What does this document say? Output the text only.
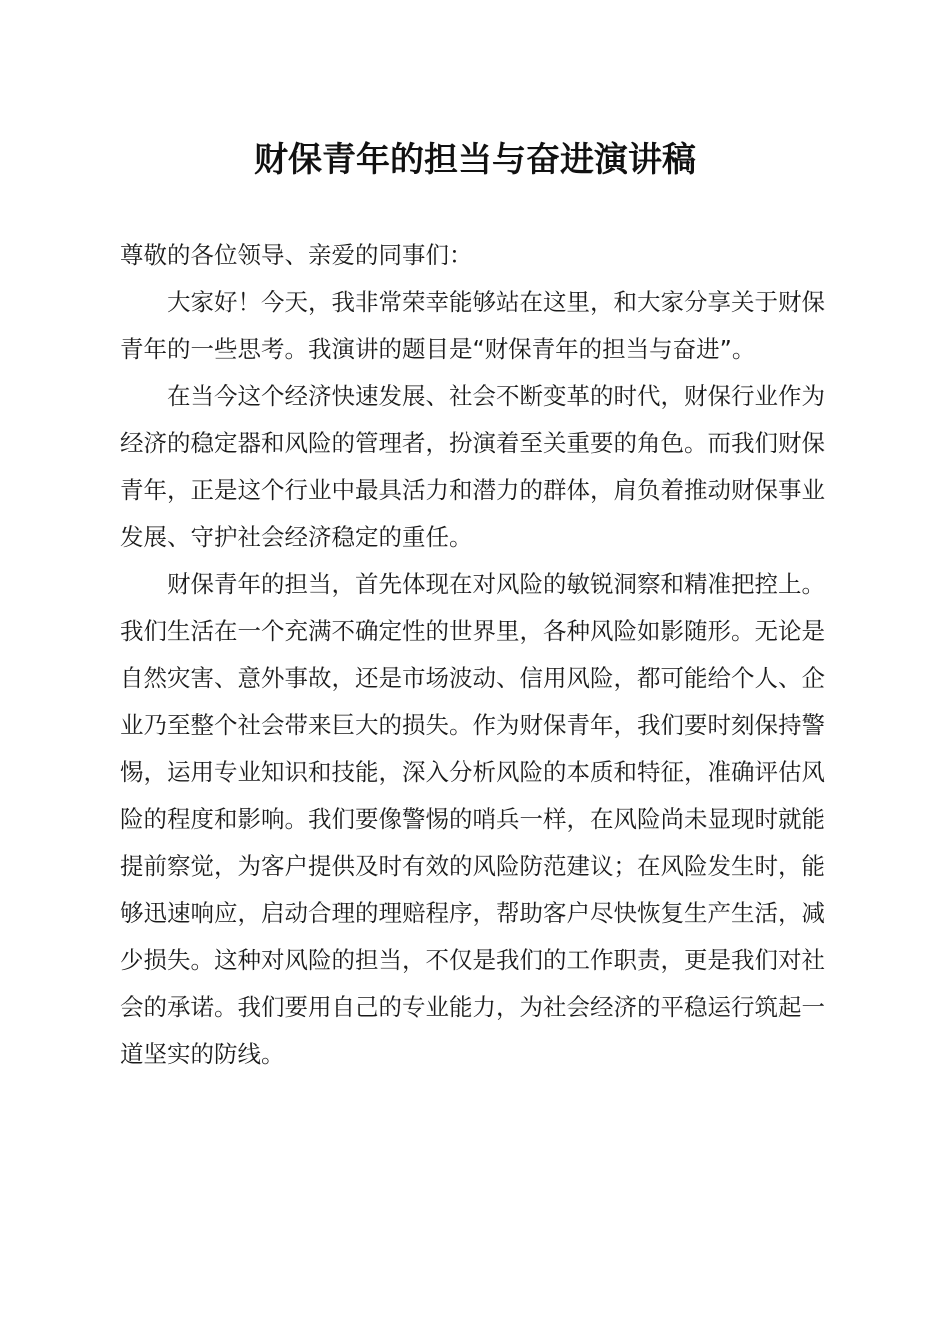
财保青年的担当与奋进演讲稿

尊敬的各位领导、亲爱的同事们：

大家好！今天，我非常荣幸能够站在这里，和大家分享关于财保青年的一些思考。我演讲的题目是“财保青年的担当与奋进”。

在当今这个经济快速发展、社会不断变革的时代，财保行业作为经济的稳定器和风险的管理者，扮演着至关重要的角色。而我们财保青年，正是这个行业中最具活力和潜力的群体，肩负着推动财保事业发展、守护社会经济稳定的重任。

财保青年的担当，首先体现在对风险的敏锐洞察和精准把控上。我们生活在一个充满不确定性的世界里，各种风险如影随形。无论是自然灾害、意外事故，还是市场波动、信用风险，都可能给个人、企业乃至整个社会带来巨大的损失。作为财保青年，我们要时刻保持警惕，运用专业知识和技能，深入分析风险的本质和特征，准确评估风险的程度和影响。我们要像警惕的哨兵一样，在风险尚未显现时就能提前察觉，为客户提供及时有效的风险防范建议；在风险发生时，能够迅速响应，启动合理的理赔程序，帮助客户尽快恢复生产生活，减少损失。这种对风险的担当，不仅是我们的工作职责，更是我们对社会的承诺。我们要用自己的专业能力，为社会经济的平稳运行筑起一道坚实的防线。
